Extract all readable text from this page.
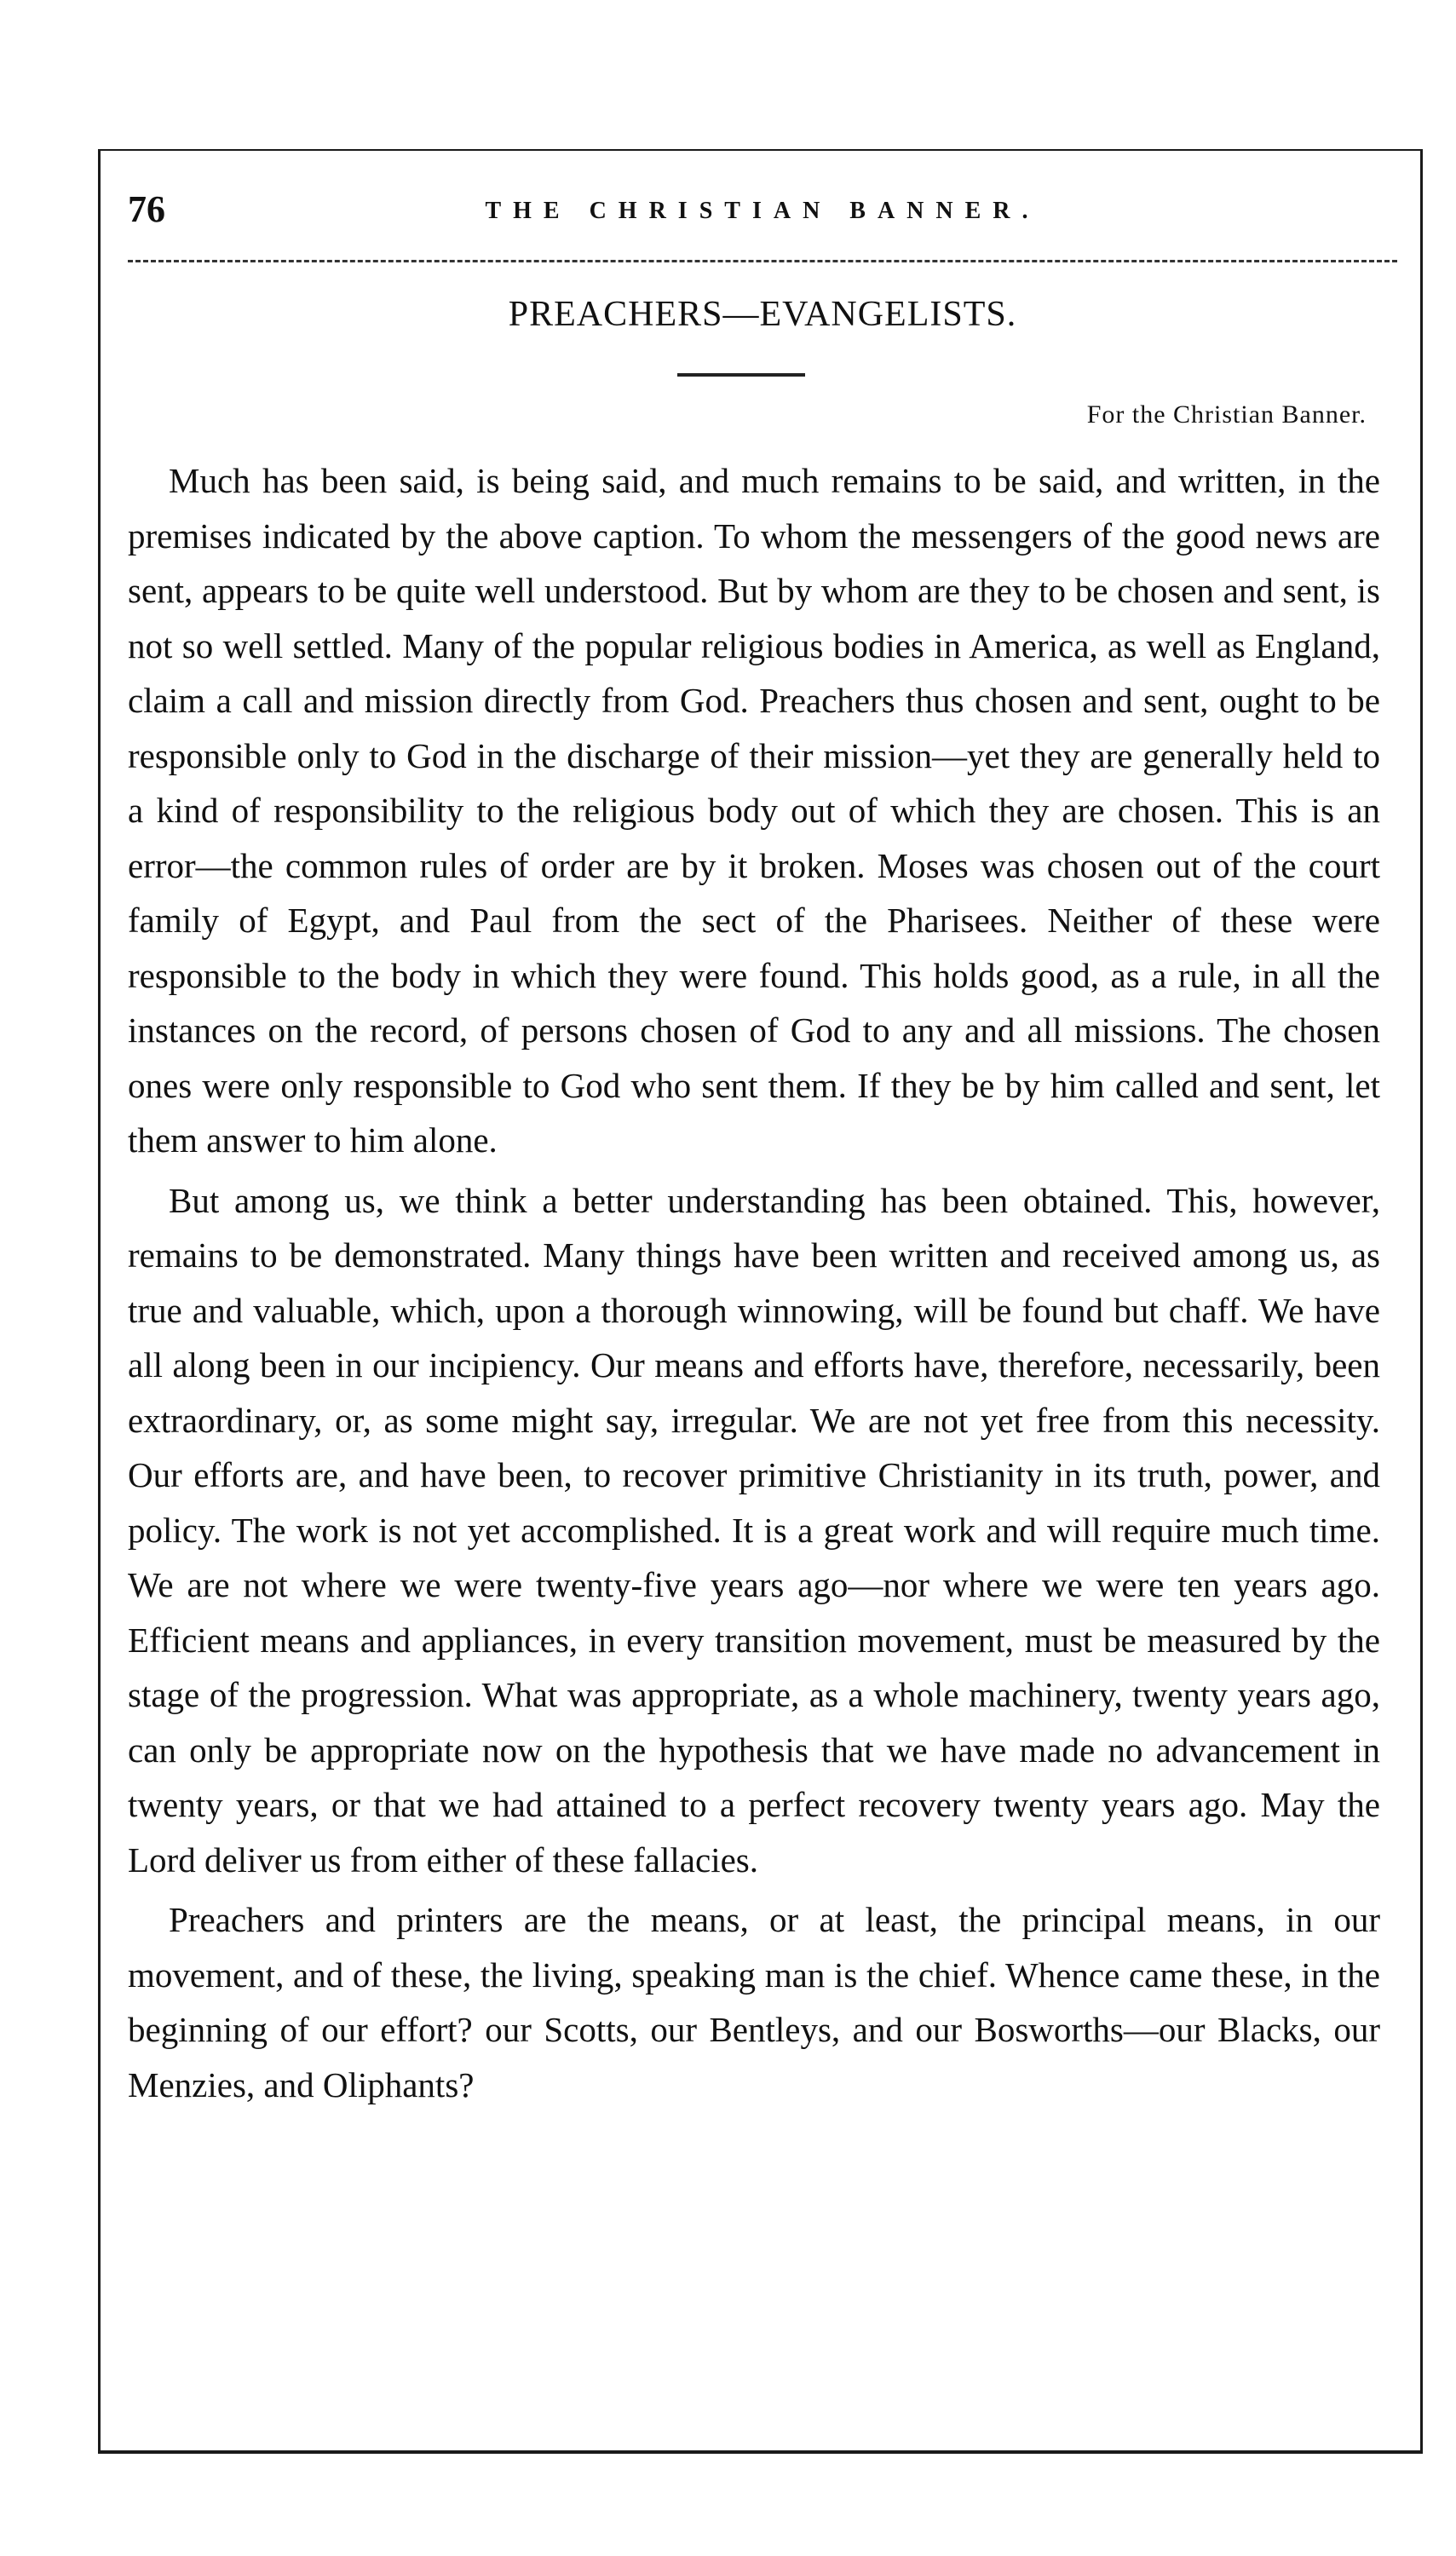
76	THE CHRISTIAN BANNER.
PREACHERS—EVANGELISTS.
For the Christian Banner.

Much has been said, is being said, and much remains to be said, and written, in the premises indicated by the above caption. To whom the messengers of the good news are sent, appears to be quite well understood. But by whom are they to be chosen and sent, is not so well settled. Many of the popular religious bodies in America, as well as England, claim a call and mission directly from God. Preachers thus chosen and sent, ought to be responsible only to God in the discharge of their mission—yet they are generally held to a kind of responsibility to the religious body out of which they are chosen. This is an error—the common rules of order are by it broken. Moses was chosen out of the court family of Egypt, and Paul from the sect of the Pharisees. Neither of these were responsible to the body in which they were found. This holds good, as a rule, in all the instances on the record, of persons chosen of God to any and all missions. The chosen ones were only responsible to God who sent them. If they be by him called and sent, let them answer to him alone.

But among us, we think a better understanding has been obtained. This, however, remains to be demonstrated. Many things have been written and received among us, as true and valuable, which, upon a thorough winnowing, will be found but chaff. We have all along been in our incipiency. Our means and efforts have, therefore, necessarily, been extraordinary, or, as some might say, irregular. We are not yet free from this necessity. Our efforts are, and have been, to recover primitive Christianity in its truth, power, and policy. The work is not yet accomplished. It is a great work and will require much time. We are not where we were twenty-five years ago—nor where we were ten years ago. Efficient means and appliances, in every transition movement, must be measured by the stage of the progression. What was appropriate, as a whole machinery, twenty years ago, can only be appropriate now on the hypothesis that we have made no advancement in twenty years, or that we had attained to a perfect recovery twenty years ago. May the Lord deliver us from either of these fallacies.

Preachers and printers are the means, or at least, the principal means, in our movement, and of these, the living, speaking man is the chief. Whence came these, in the beginning of our effort? our Scotts, our Bentleys, and our Bosworths—our Blacks, our Menzies, and Oliphants?
